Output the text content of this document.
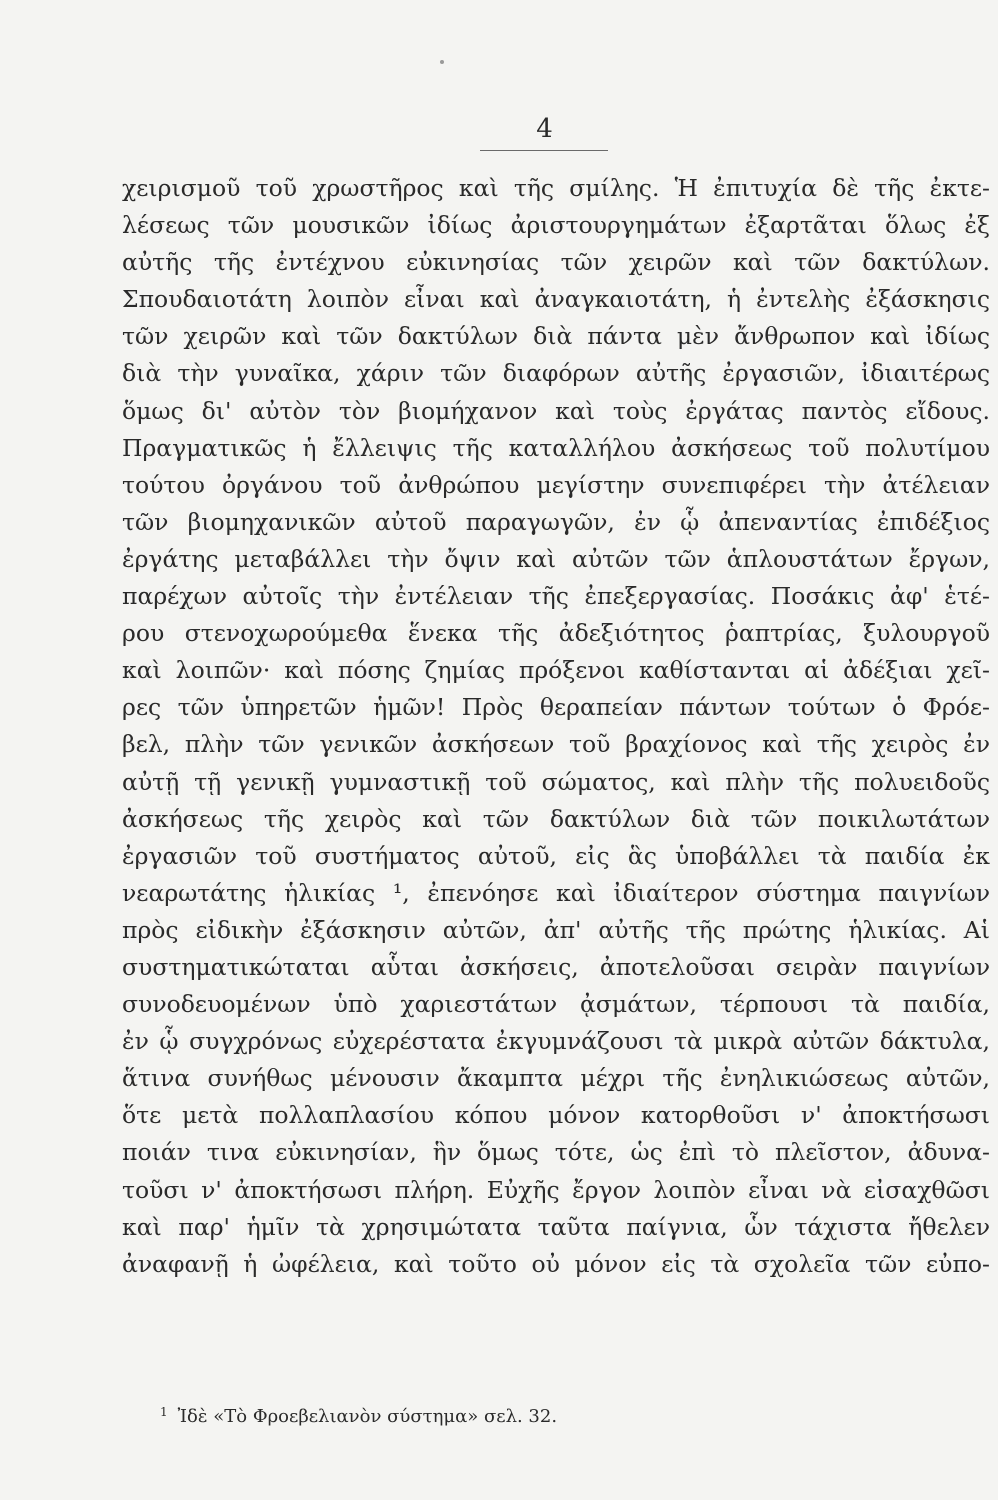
4
χειρισμοῦ τοῦ χρωστῆρος καὶ τῆς σμίλης. Ἡ ἐπιτυχία δὲ τῆς ἐκτε-
λέσεως τῶν μουσικῶν ἰδίως ἀριστουργημάτων ἐξαρτᾶται ὅλως ἐξ
αὐτῆς τῆς ἐντέχνου εὐκινησίας τῶν χειρῶν καὶ τῶν δακτύλων.
Σπουδαιοτάτη λοιπὸν εἶναι καὶ ἀναγκαιοτάτη, ἡ ἐντελὴς ἐξάσκησις
τῶν χειρῶν καὶ τῶν δακτύλων διὰ πάντα μὲν ἄνθρωπον καὶ ἰδίως
διὰ τὴν γυναῖκα, χάριν τῶν διαφόρων αὐτῆς ἐργασιῶν, ἰδιαιτέρως
ὅμως δι' αὐτὸν τὸν βιομήχανον καὶ τοὺς ἐργάτας παντὸς εἴδους.
Πραγματικῶς ἡ ἔλλειψις τῆς καταλλήλου ἀσκήσεως τοῦ πολυτίμου
τούτου ὀργάνου τοῦ ἀνθρώπου μεγίστην συνεπιφέρει τὴν ἀτέλειαν
τῶν βιομηχανικῶν αὐτοῦ παραγωγῶν, ἐν ᾧ ἀπεναντίας ἐπιδέξιος
ἐργάτης μεταβάλλει τὴν ὄψιν καὶ αὐτῶν τῶν ἁπλουστάτων ἔργων,
παρέχων αὐτοῖς τὴν ἐντέλειαν τῆς ἐπεξεργασίας. Ποσάκις ἀφ' ἑτέ-
ρου στενοχωρούμεθα ἕνεκα τῆς ἀδεξιότητος ῥαπτρίας, ξυλουργοῦ
καὶ λοιπῶν· καὶ πόσης ζημίας πρόξενοι καθίστανται αἱ ἀδέξιαι χεῖ-
ρες τῶν ὑπηρετῶν ἡμῶν! Πρὸς θεραπείαν πάντων τούτων ὁ Φρόε-
βελ, πλὴν τῶν γενικῶν ἀσκήσεων τοῦ βραχίονος καὶ τῆς χειρὸς ἐν
αὐτῇ τῇ γενικῇ γυμναστικῇ τοῦ σώματος, καὶ πλὴν τῆς πολυειδοῦς
ἀσκήσεως τῆς χειρὸς καὶ τῶν δακτύλων διὰ τῶν ποικιλωτάτων
ἐργασιῶν τοῦ συστήματος αὐτοῦ, εἰς ἃς ὑποβάλλει τὰ παιδία ἐκ
νεαρωτάτης ἡλικίας ¹, ἐπενόησε καὶ ἰδιαίτερον σύστημα παιγνίων
πρὸς εἰδικὴν ἐξάσκησιν αὐτῶν, ἀπ' αὐτῆς τῆς πρώτης ἡλικίας. Αἱ
συστηματικώταται αὗται ἀσκήσεις, ἀποτελοῦσαι σειρὰν παιγνίων
συνοδευομένων ὑπὸ χαριεστάτων ᾀσμάτων, τέρπουσι τὰ παιδία,
ἐν ᾧ συγχρόνως εὐχερέστατα ἐκγυμνάζουσι τὰ μικρὰ αὐτῶν δάκτυλα,
ἅτινα συνήθως μένουσιν ἄκαμπτα μέχρι τῆς ἐνηλικιώσεως αὐτῶν,
ὅτε μετὰ πολλαπλασίου κόπου μόνον κατορθοῦσι ν' ἀποκτήσωσι
ποιάν τινα εὐκινησίαν, ἣν ὅμως τότε, ὡς ἐπὶ τὸ πλεῖστον, ἀδυνα-
τοῦσι ν' ἀποκτήσωσι πλήρη. Εὐχῆς ἔργον λοιπὸν εἶναι νὰ εἰσαχθῶσι
καὶ παρ' ἡμῖν τὰ χρησιμώτατα ταῦτα παίγνια, ὧν τάχιστα ἤθελεν
ἀναφανῇ ἡ ὠφέλεια, καὶ τοῦτο οὐ μόνον εἰς τὰ σχολεῖα τῶν εὐπο-
$^1$ Ἰδὲ «Τὸ Φροεβελιανὸν σύστημα» σελ. 32.
